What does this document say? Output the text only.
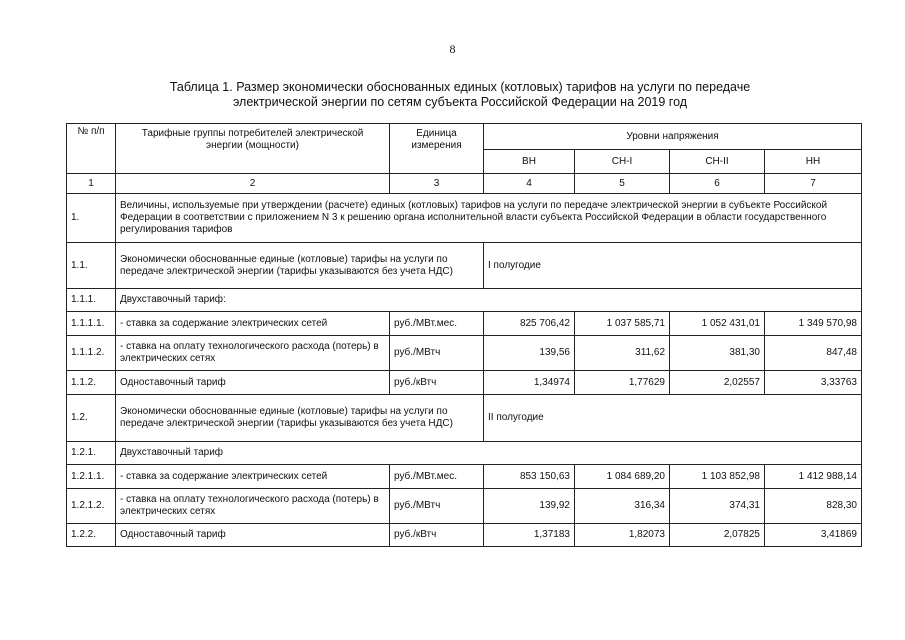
8
Таблица 1. Размер экономически обоснованных единых (котловых) тарифов на услуги по передаче
электрической энергии по сетям субъекта Российской Федерации на 2019 год
№ п/п	Тарифные группы потребителей электрической энергии (мощности)	Единица измерения	Уровни напряжения			
			ВН	СН-I	СН-II	НН
1	2	3	4	5	6	7
1.	Величины, используемые при утверждении (расчете) единых (котловых) тарифов на услуги по передаче электрической энергии в субъекте Российской Федерации в соответствии с приложением N 3 к решению органа исполнительной власти субъекта Российской Федерации в области государственного регулирования тарифов					
1.1.	Экономически обоснованные единые (котловые) тарифы на услуги по передаче электрической энергии (тарифы указываются без учета НДС)		I полугодие			
1.1.1.	Двухставочный тариф:					
1.1.1.1.	- ставка за содержание электрических сетей	руб./МВт.мес.	825 706,42	1 037 585,71	1 052 431,01	1 349 570,98
1.1.1.2.	- ставка на оплату технологического расхода (потерь) в электрических сетях	руб./МВтч	139,56	311,62	381,30	847,48
1.1.2.	Одноставочный тариф	руб./кВтч	1,34974	1,77629	2,02557	3,33763
1.2.	Экономически обоснованные единые (котловые) тарифы на услуги по передаче электрической энергии (тарифы указываются без учета НДС)		II полугодие			
1.2.1.	Двухставочный тариф					
1.2.1.1.	- ставка за содержание электрических сетей	руб./МВт.мес.	853 150,63	1 084 689,20	1 103 852,98	1 412 988,14
1.2.1.2.	- ставка на оплату технологического расхода (потерь) в электрических сетях	руб./МВтч	139,92	316,34	374,31	828,30
1.2.2.	Одноставочный тариф	руб./кВтч	1,37183	1,82073	2,07825	3,41869
